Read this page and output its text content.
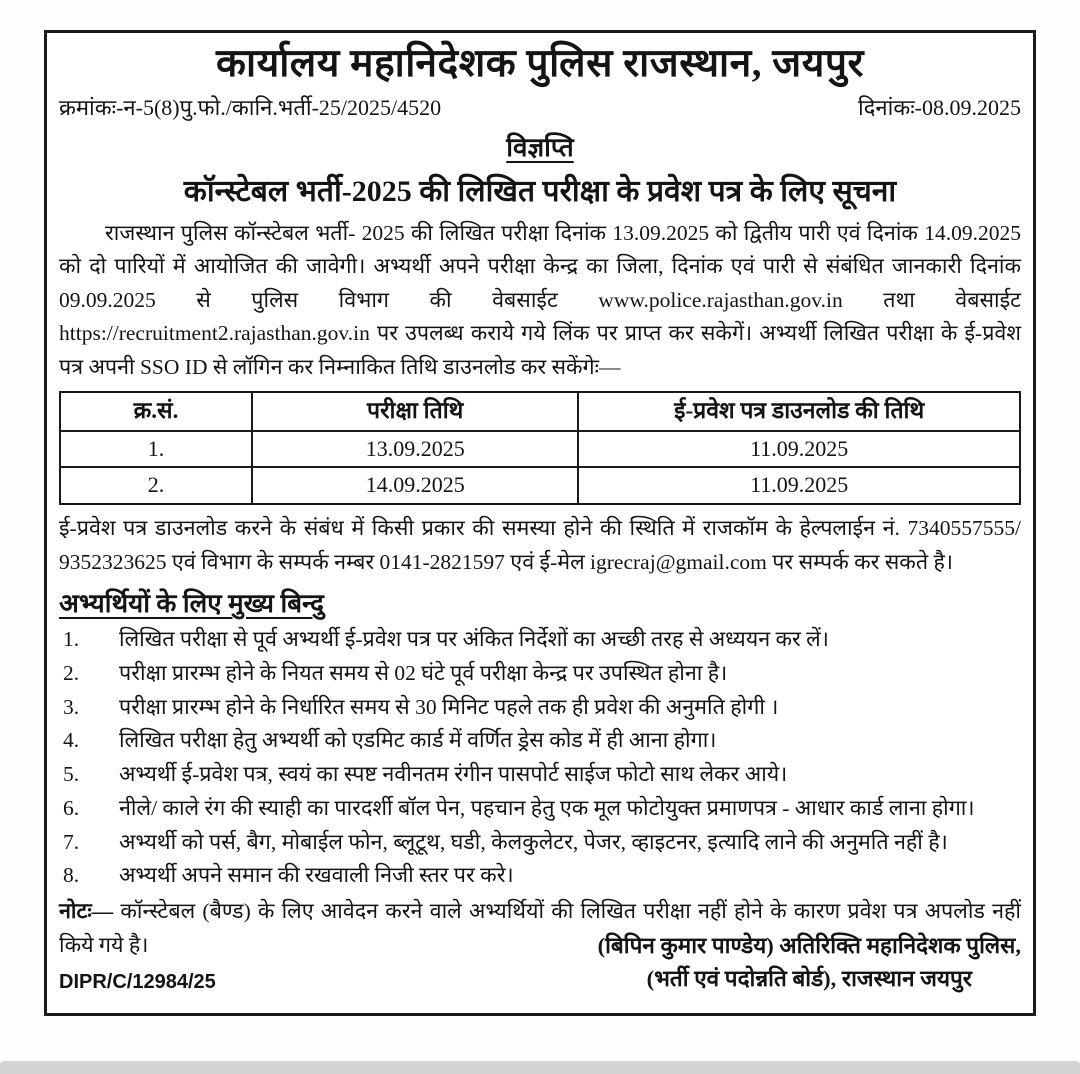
कार्यालय महानिदेशक पुलिस राजस्थान, जयपुर
क्रमांकः-न-5(8)पु.फो./कानि.भर्ती-25/2025/4520	दिनांकः-08.09.2025
विज्ञप्ति
कॉन्स्टेबल भर्ती-2025 की लिखित परीक्षा के प्रवेश पत्र के लिए सूचना
राजस्थान पुलिस कॉन्स्टेबल भर्ती- 2025 की लिखित परीक्षा दिनांक 13.09.2025 को द्वितीय पारी एवं दिनांक 14.09.2025 को दो पारियों में आयोजित की जावेगी। अभ्यर्थी अपने परीक्षा केन्द्र का जिला, दिनांक एवं पारी से संबंधित जानकारी दिनांक 09.09.2025 से पुलिस विभाग की वेबसाईट www.police.rajasthan.gov.in तथा वेबसाईट https://recruitment2.rajasthan.gov.in पर उपलब्ध कराये गये लिंक पर प्राप्त कर सकेगें। अभ्यर्थी लिखित परीक्षा के ई-प्रवेश पत्र अपनी SSO ID से लॉगिन कर निम्नाकित तिथि डाउनलोड कर सकेंगेः—
क्र.सं.	परीक्षा तिथि	ई-प्रवेश पत्र डाउनलोड की तिथि
1.	13.09.2025	11.09.2025
2.	14.09.2025	11.09.2025
ई-प्रवेश पत्र डाउनलोड करने के संबंध में किसी प्रकार की समस्या होने की स्थिति में राजकॉम के हेल्पलाईन नं. 7340557555/ 9352323625 एवं विभाग के सम्पर्क नम्बर 0141-2821597 एवं ई-मेल igrecraj@gmail.com पर सम्पर्क कर सकते है।
अभ्यर्थियों के लिए मुख्य बिन्दु
1.	लिखित परीक्षा से पूर्व अभ्यर्थी ई-प्रवेश पत्र पर अंकित निर्देशों का अच्छी तरह से अध्ययन कर लें।
2.	परीक्षा प्रारम्भ होने के नियत समय से 02 घंटे पूर्व परीक्षा केन्द्र पर उपस्थित होना है।
3.	परीक्षा प्रारम्भ होने के निर्धारित समय से 30 मिनिट पहले तक ही प्रवेश की अनुमति होगी ।
4.	लिखित परीक्षा हेतु अभ्यर्थी को एडमिट कार्ड में वर्णित ड्रेस कोड में ही आना होगा।
5.	अभ्यर्थी ई-प्रवेश पत्र, स्वयं का स्पष्ट नवीनतम रंगीन पासपोर्ट साईज फोटो साथ लेकर आये।
6.	नीले/ काले रंग की स्याही का पारदर्शी बॉल पेन, पहचान हेतु एक मूल फोटोयुक्त प्रमाणपत्र - आधार कार्ड लाना होगा।
7.	अभ्यर्थी को पर्स, बैग, मोबाईल फोन, ब्लूटूथ, घडी, केलकुलेटर, पेजर, व्हाइटनर, इत्यादि लाने की अनुमति नहीं है।
8.	अभ्यर्थी अपने समान की रखवाली निजी स्तर पर करे।
नोटः— कॉन्स्टेबल (बैण्ड) के लिए आवेदन करने वाले अभ्यर्थियों की लिखित परीक्षा नहीं होने के कारण प्रवेश पत्र अपलोड नहीं किये गये है।
DIPR/C/12984/25
(बिपिन कुमार पाण्डेय) अतिरिक्ति महानिदेशक पुलिस,
(भर्ती एवं पदोन्नति बोर्ड), राजस्थान जयपुर
